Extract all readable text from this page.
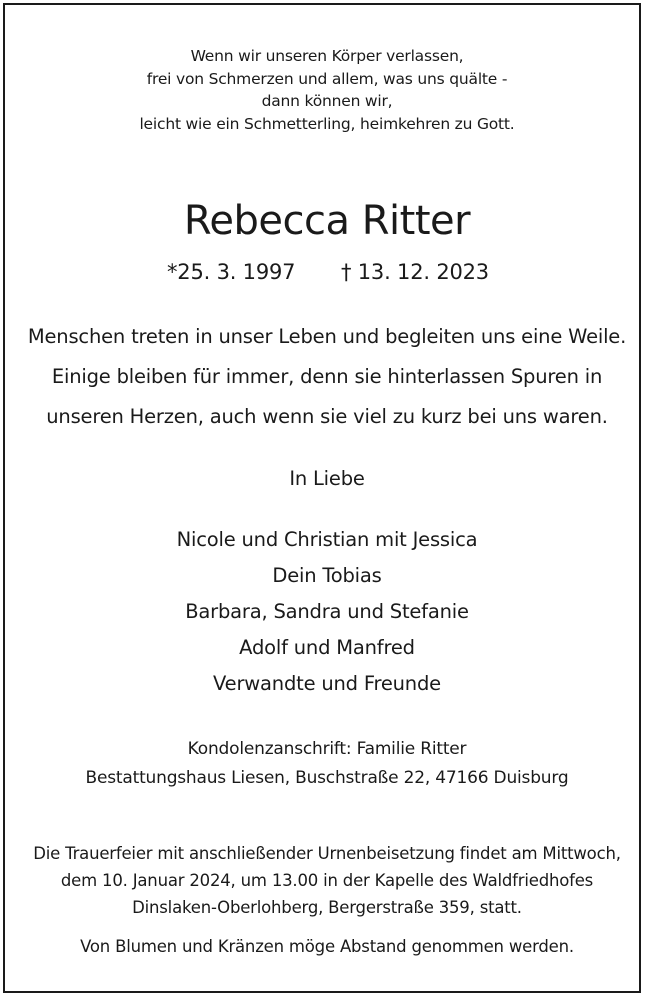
Wenn wir unseren Körper verlassen,
frei von Schmerzen und allem, was uns quälte -
dann können wir,
leicht wie ein Schmetterling, heimkehren zu Gott.
Rebecca Ritter
*25. 3. 1997 † 13. 12. 2023
Menschen treten in unser Leben und begleiten uns eine Weile.
Einige bleiben für immer, denn sie hinterlassen Spuren in
unseren Herzen, auch wenn sie viel zu kurz bei uns waren.
In Liebe
Nicole und Christian mit Jessica
Dein Tobias
Barbara, Sandra und Stefanie
Adolf und Manfred
Verwandte und Freunde
Kondolenzanschrift: Familie Ritter
Bestattungshaus Liesen, Buschstraße 22, 47166 Duisburg
Die Trauerfeier mit anschließender Urnenbeisetzung findet am Mittwoch,
dem 10. Januar 2024, um 13.00 in der Kapelle des Waldfriedhofes
Dinslaken-Oberlohberg, Bergerstraße 359, statt.
Von Blumen und Kränzen möge Abstand genommen werden.
